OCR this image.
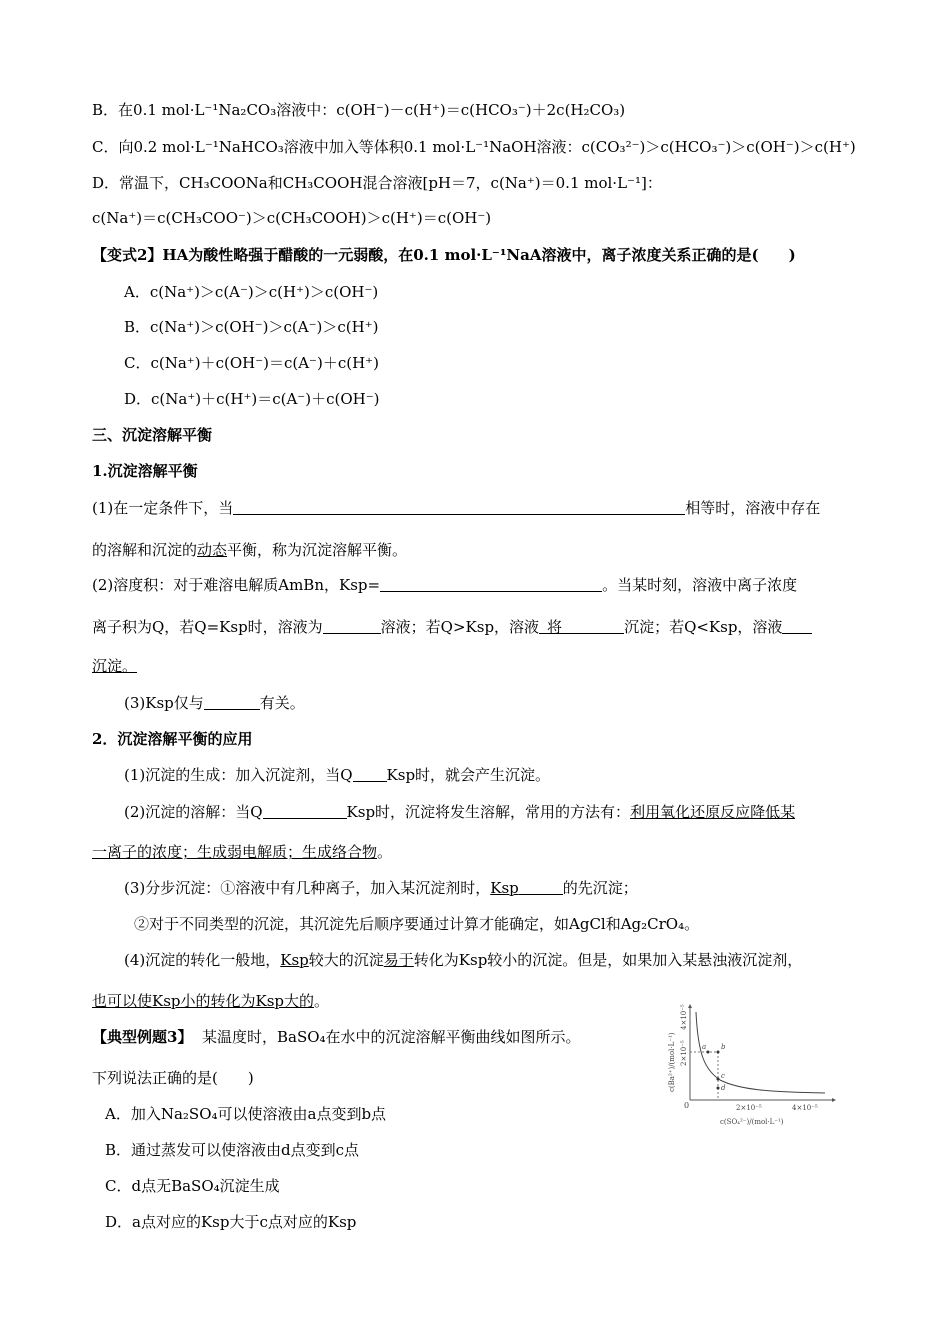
B．在0.1 mol·L⁻¹Na₂CO₃溶液中：c(OH⁻)－c(H⁺)＝c(HCO₃⁻)＋2c(H₂CO₃)
C．向0.2 mol·L⁻¹NaHCO₃溶液中加入等体积0.1 mol·L⁻¹NaOH溶液：c(CO₃²⁻)＞c(HCO₃⁻)＞c(OH⁻)＞c(H⁺)
D．常温下，CH₃COONa和CH₃COOH混合溶液[pH＝7，c(Na⁺)＝0.1 mol·L⁻¹]：
c(Na⁺)＝c(CH₃COO⁻)＞c(CH₃COOH)＞c(H⁺)＝c(OH⁻)
【变式2】HA为酸性略强于醋酸的一元弱酸，在0.1 mol·L⁻¹NaA溶液中，离子浓度关系正确的是(　　)
A．c(Na⁺)＞c(A⁻)＞c(H⁺)＞c(OH⁻)
B．c(Na⁺)＞c(OH⁻)＞c(A⁻)＞c(H⁺)
C．c(Na⁺)＋c(OH⁻)＝c(A⁻)＋c(H⁺)
D．c(Na⁺)＋c(H⁺)＝c(A⁻)＋c(OH⁻)
三、沉淀溶解平衡
1.沉淀溶解平衡
(1)在一定条件下，当	相等时，溶液中存在
的溶解和沉淀的动态平衡，称为沉淀溶解平衡。
(2)溶度积：对于难溶电解质AmBn，Ksp=	。当某时刻，溶液中离子浓度
离子积为Q，若Q=Ksp时，溶液为	溶液；若Q>Ksp，溶液 将	沉淀；若Q<Ksp，溶液
沉淀。
(3)Ksp仅与	有关。
2．沉淀溶解平衡的应用
(1)沉淀的生成：加入沉淀剂，当Q Ksp时，就会产生沉淀。
(2)沉淀的溶解：当Q	Ksp时，沉淀将发生溶解，常用的方法有：利用氧化还原反应降低某
一离子的浓度；生成弱电解质；生成络合物。
(3)分步沉淀：①溶液中有几种离子，加入某沉淀剂时，Ksp	的先沉淀；
②对于不同类型的沉淀，其沉淀先后顺序要通过计算才能确定，如AgCl和Ag₂CrO₄。
(4)沉淀的转化一般地，Ksp较大的沉淀易于转化为Ksp较小的沉淀。但是，如果加入某悬浊液沉淀剂，
也可以使Ksp小的转化为Ksp大的。
【典型例题3】 某温度时，BaSO₄在水中的沉淀溶解平衡曲线如图所示。
下列说法正确的是(　　)
A．加入Na₂SO₄可以使溶液由a点变到b点
B．通过蒸发可以使溶液由d点变到c点
C．d点无BaSO₄沉淀生成
D．a点对应的Ksp大于c点对应的Ksp
a b
c
d
0	2×10⁻⁵	4×10⁻⁵
c(SO₄²⁻)/(mol·L⁻¹)
2×10⁻⁵
4×10⁻⁵
c(Ba²⁺)/(mol·L⁻¹)
